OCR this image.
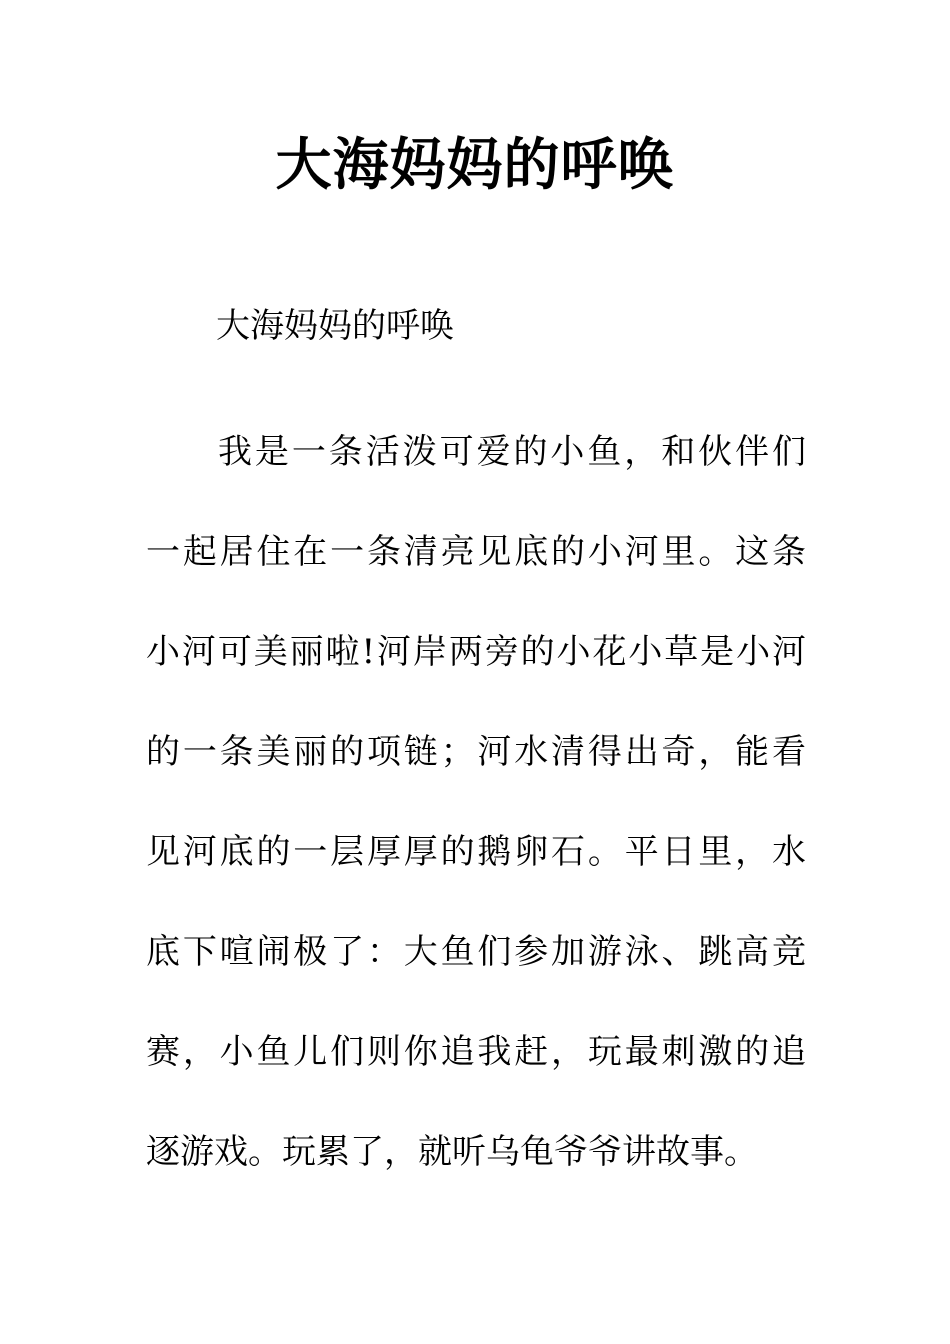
大海妈妈的呼唤

大海妈妈的呼唤

我是一条活泼可爱的小鱼，和伙伴们
一起居住在一条清亮见底的小河里。这条
小河可美丽啦!河岸两旁的小花小草是小河
的一条美丽的项链；河水清得出奇，能看
见河底的一层厚厚的鹅卵石。平日里，水
底下喧闹极了：大鱼们参加游泳、跳高竞
赛，小鱼儿们则你追我赶，玩最刺激的追
逐游戏。玩累了，就听乌龟爷爷讲故事。
